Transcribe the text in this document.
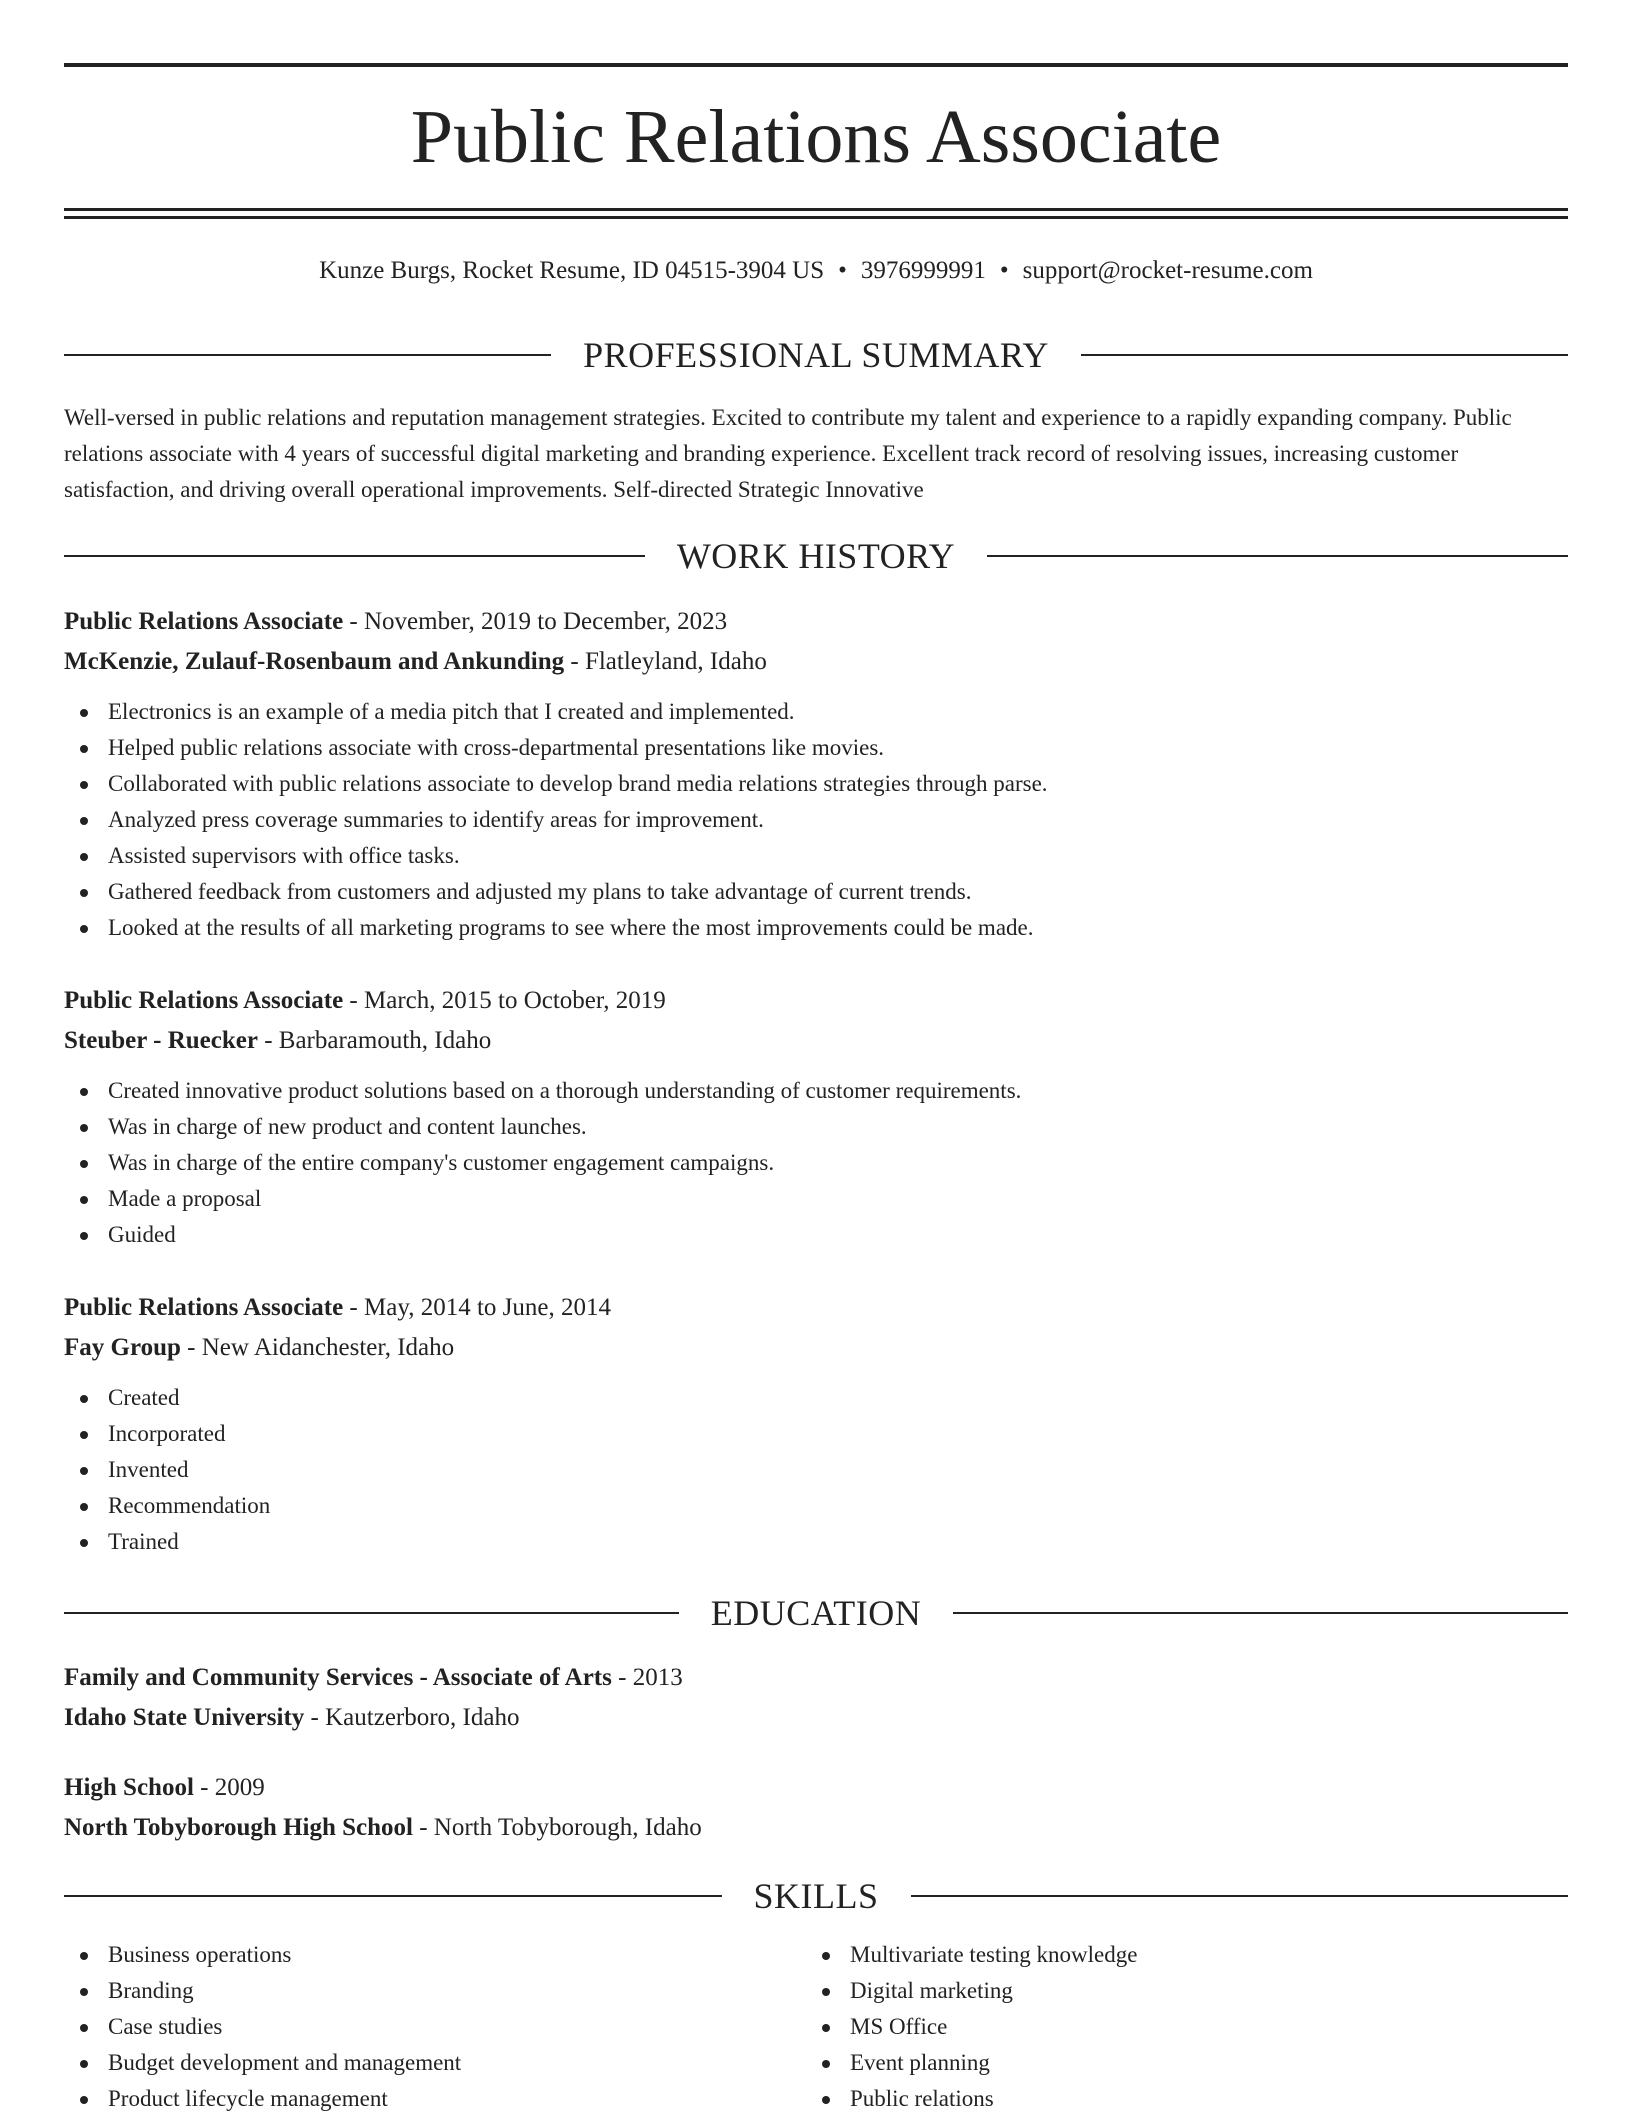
Public Relations Associate
Kunze Burgs, Rocket Resume, ID 04515-3904 US • 3976999991 • support@rocket-resume.com
PROFESSIONAL SUMMARY

Well-versed in public relations and reputation management strategies. Excited to contribute my talent and experience to a rapidly expanding company. Public relations associate with 4 years of successful digital marketing and branding experience. Excellent track record of resolving issues, increasing customer satisfaction, and driving overall operational improvements. Self-directed Strategic Innovative

WORK HISTORY
Public Relations Associate - November, 2019 to December, 2023
McKenzie, Zulauf-Rosenbaum and Ankunding - Flatleyland, Idaho
Electronics is an example of a media pitch that I created and implemented.
Helped public relations associate with cross-departmental presentations like movies.
Collaborated with public relations associate to develop brand media relations strategies through parse.
Analyzed press coverage summaries to identify areas for improvement.
Assisted supervisors with office tasks.
Gathered feedback from customers and adjusted my plans to take advantage of current trends.
Looked at the results of all marketing programs to see where the most improvements could be made.
Public Relations Associate - March, 2015 to October, 2019
Steuber - Ruecker - Barbaramouth, Idaho
Created innovative product solutions based on a thorough understanding of customer requirements.
Was in charge of new product and content launches.
Was in charge of the entire company's customer engagement campaigns.
Made a proposal
Guided
Public Relations Associate - May, 2014 to June, 2014
Fay Group - New Aidanchester, Idaho
Created
Incorporated
Invented
Recommendation
Trained
EDUCATION
Family and Community Services - Associate of Arts - 2013
Idaho State University - Kautzerboro, Idaho
High School - 2009
North Tobyborough High School - North Tobyborough, Idaho
SKILLS
Business operations
Branding
Case studies
Budget development and management
Product lifecycle management
Multivariate testing knowledge
Digital marketing
MS Office
Event planning
Public relations
